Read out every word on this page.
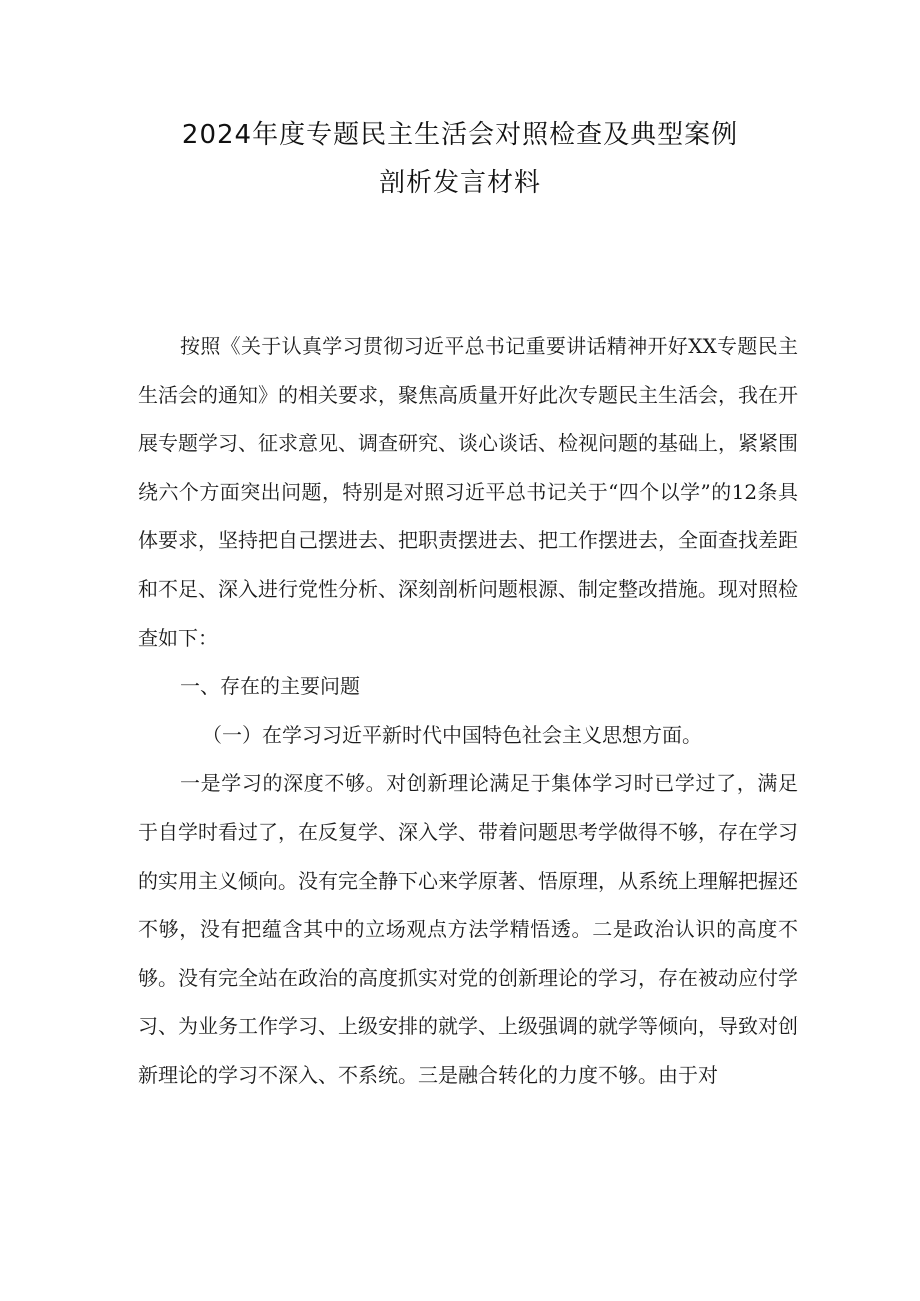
2024年度专题民主生活会对照检查及典型案例
剖析发言材料

按照《关于认真学习贯彻习近平总书记重要讲话精神开好XX专题民主生活会的通知》的相关要求，聚焦高质量开好此次专题民主生活会，我在开展专题学习、征求意见、调查研究、谈心谈话、检视问题的基础上，紧紧围绕六个方面突出问题，特别是对照习近平总书记关于“四个以学”的12条具体要求，坚持把自己摆进去、把职责摆进去、把工作摆进去，全面查找差距和不足、深入进行党性分析、深刻剖析问题根源、制定整改措施。现对照检查如下：

一、存在的主要问题

（一）在学习习近平新时代中国特色社会主义思想方面。

一是学习的深度不够。对创新理论满足于集体学习时已学过了，满足于自学时看过了，在反复学、深入学、带着问题思考学做得不够，存在学习的实用主义倾向。没有完全静下心来学原著、悟原理，从系统上理解把握还不够，没有把蕴含其中的立场观点方法学精悟透。二是政治认识的高度不够。没有完全站在政治的高度抓实对党的创新理论的学习，存在被动应付学习、为业务工作学习、上级安排的就学、上级强调的就学等倾向，导致对创新理论的学习不深入、不系统。三是融合转化的力度不够。由于对
